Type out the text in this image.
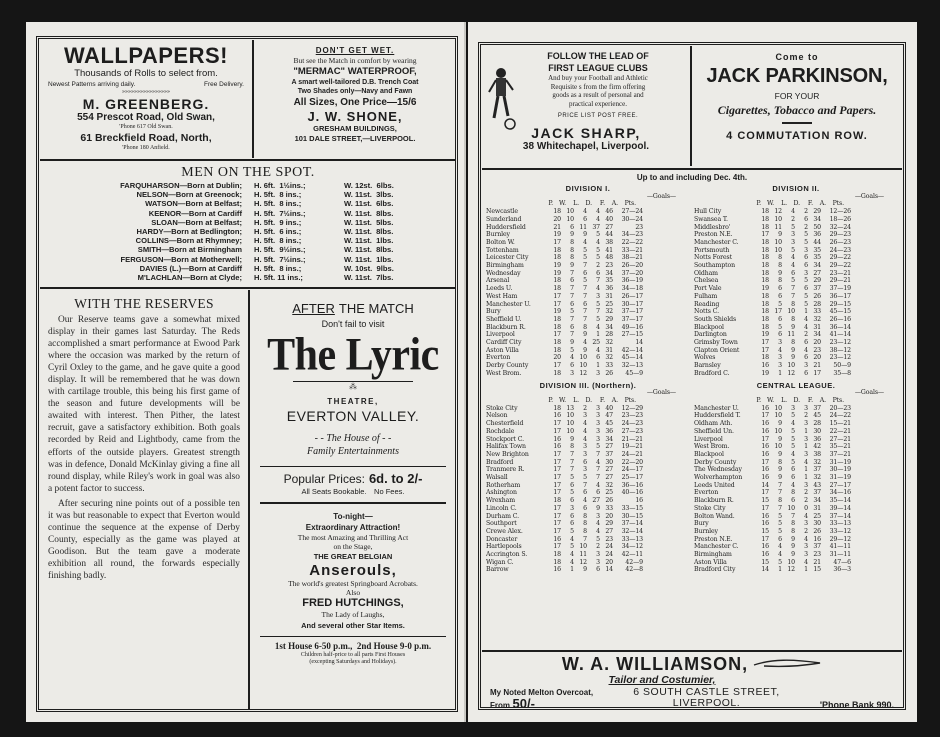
WALLPAPERS!
Thousands of Rolls to select from.
Newest Patterns arriving daily.	Free Delivery.
»»»»»»»»»»»»»»»»
M. GREENBERG.
554 Prescot Road, Old Swan,
'Phone 617 Old Swan.
61 Breckfield Road, North,
'Phone 180 Anfield.
DON'T GET WET.
But see the Match in comfort by wearing
"MERMAC" WATERPROOF,
A smart well-tailored D.B. Trench Coat
Two Shades only—Navy and Fawn
All Sizes, One Price—15/6
J. W. SHONE,
GRESHAM BUILDINGS,
101 DALE STREET,—LIVERPOOL.
MEN ON THE SPOT.
FARQUHARSON—Born at Dublin;	H. 6ft.  1½ins.;	W. 12st.  6lbs.
NELSON—Born at Greenock;	H. 5ft.  8 ins.;	W. 11st.  3lbs.
WATSON—Born at Belfast;	H. 5ft.  8 ins.;	W. 11st.  6lbs.
KEENOR—Born at Cardiff	H. 5ft.  7½ins.;	W. 11st.  8lbs.
SLOAN—Born at Belfast;	H. 5ft.  9 ins.;	W. 11st.  5lbs.
HARDY—Born at Bedlington;	H. 5ft.  6 ins.;	W. 11st.  8lbs.
COLLINS—Born at Rhymney;	H. 5ft.  8 ins.;	W. 11st.  1lbs.
SMITH—Born at Birmingham	H. 5ft.  9½ins.;	W. 11st.  8lbs.
FERGUSON—Born at Motherwell;	H. 5ft.  7½ins.;	W. 11st.  1lbs.
DAVIES (L.)—Born at Cardiff	H. 5ft.  8 ins.;	W. 10st.  9lbs.
M'LACHLAN—Born at Clyde;	H. 5ft. 11 ins.;	W. 11st.  7lbs.
WITH THE RESERVES
Our Reserve teams gave a somewhat mixed display in their games last Saturday. The Reds accomplished a smart performance at Ewood Park where the occasion was marked by the return of Cyril Oxley to the game, and he gave quite a good display. It will be remembered that he was down with cartilage trouble, this being his first game of the season and future developments will be awaited with interest. Then Pither, the latest recruit, gave a satisfactory exhibition. Both goals recorded by Reid and Lightbody, came from the efforts of the outside players. Greatest strength was in defence, Donald McKinlay giving a fine all round display, while Riley's work in goal was also a potent factor to success.
After securing nine points out of a possible ten it was but reasonable to expect that Everton would continue the sequence at the expense of Derby County, especially as the game was played at Goodison. But the team gave a moderate exhibition all round, the forwards especially finishing badly.
AFTER THE MATCH
Don't fail to visit
The Lyric
⁂
THEATRE,
EVERTON VALLEY.
- - The House of - -
Family Entertainments
Popular Prices: 6d. to 2/-
All Seats Bookable. No Fees.
To-night—
Extraordinary Attraction!
The most Amazing and Thrilling Act
on the Stage,
THE GREAT BELGIAN
Anserouls,
The world's greatest Springboard Acrobats.
Also
FRED HUTCHINGS,
The Lady of Laughs,
And several other Star Items.
1st House 6-50 p.m., 2nd House 9-0 p.m.
Children half-price to all parts First Houses
(excepting Saturdays and Holidays).
FOLLOW THE LEAD OF
FIRST LEAGUE CLUBS
And buy your Football and Athletic
Requisite s from the firm offering
goods as a result of personal and
practical experience.
PRICE LIST POST FREE.
JACK SHARP,
38 Whitechapel, Liverpool.
Come to
JACK PARKINSON,
FOR YOUR
Cigarettes, Tobacco and Papers.
4 COMMUTATION ROW.
Up to and including Dec. 4th.
DIVISION I.
—Goals—
P. W.	L.	D.	F.	A.	Pts.
Newcastle	18 10	4	4 46	27—24
Sunderland	20 10	6	4 40	30—24
Huddersfield	21	6 11 37 27	23
Burnley	19	9	9	5 44	34—23
Bolton W.	17	8	4	4 38	22—22
Tottenham	18	8	5	5 41	33—21
Leicester City	18	8	5	5 48	38—21
Birmingham	19	9	7	2 23	26—20
Wednesday	19	7	6	6 34	37—20
Arsenal	18	6	5	7 35	36—19
Leeds U.	18	7	7	4 36	34—18
West Ham	17	7	7	3 31	26—17
Manchester U.	17	6	6	5 25	30—17
Bury	19	5	7	7 32	37—17
Sheffield U.	18	7	7	5 29	37—17
Blackburn R.	18	6	8	4 34	49—16
Liverpool	17	7	9	1 28	27—15
Cardiff City	18	9	4 25 32	14
Aston Villa	18	5	9	4 31	42—14
Everton	20	4 10	6 32	45—14
Derby County	17	6 10	1 33	32—13
West Brom.	18	3 12	3 26	45—9
DIVISION II.
—Goals—
P. W.	L.	D.	F.	A.	Pts.
Hull City	18 12	4	2 29	12—26
Swansea T.	18 10	2	6 34	18—26
Middlesbro'	18 11	5	2 50	32—24
Preston N.E.	17	9	3	5 36	29—23
Manchester C.	18 10	3	5 44	26—23
Portsmouth	18 10	5	3 35	24—23
Notts Forest	18	8	4	6 35	29—22
Southampton	18	8	4	6 34	29—22
Oldham	18	9	6	3 27	23—21
Chelsea	18	8	5	5 29	29—21
Port Vale	19	6	7	6 37	37—19
Fulham	18	6	7	5 26	36—17
Reading	18	5	8	5 28	29—15
Notts C.	18 17 10	1 33	45—15
South Shields	18	6	8	4 32	26—16
Blackpool	18	5	9	4 31	36—14
Darlington	19	6 11	2 34	41—14
Grimsby Town	17	3	8	6 20	23—12
Clapton Orient	17	4	9	4 23	38—12
Wolves	18	3	9	6 20	23—12
Barnsley	16	3 10	3 21	50—9
Bradford C.	19	1 12	6 17	35—8
DIVISION III. (Northern).
—Goals—
P. W.	L.	D.	F.	A.	Pts.
Stoke City	18 13	2	3 40	12—29
Nelson	16 10	3	3 47	23—23
Chesterfield	17 10	4	3 45	24—23
Rochdale	17 10	4	3 36	27—23
Stockport C.	16	9	4	3 34	21—21
Halifax Town	16	8	3	5 27	19—21
New Brighton	17	7	3	7 37	24—21
Bradford	17	7	6	4 30	22—20
Tranmere R.	17	7	3	7 27	24—17
Walsall	17	5	5	7 27	25—17
Rotherham	17	6	7	4 32	36—16
Ashington	17	5	6	6 25	40—16
Wrexham	18	6	4 27 26	16
Lincoln C.	17	3	6	9 33	33—15
Durham C.	17	6	8	3 20	30—15
Southport	17	6	8	4 29	37—14
Crewe Alex.	17	5	8	4 27	32—14
Doncaster	16	4	7	5 23	33—13
Hartlepools	17	5 10	2 24	34—12
Accrington S.	18	4 11	3 24	42—11
Wigan C.	18	4 12	3 20	42—9
Barrow	16	1	9	6 14	42—8
CENTRAL LEAGUE.
—Goals—
P. W.	L.	D.	F.	A.	Pts.
Manchester U.	16 10	3	3 37	20—23
Huddersfield T.	17 10	5	2 45	24—22
Oldham Ath.	16	9	4	3 28	15—21
Sheffield Un.	16 10	5	1 30	22—21
Liverpool	17	9	5	3 36	27—21
West Brom.	16 10	5	1 42	35—21
Blackpool	16	9	4	3 38	37—21
Derby County	17	8	5	4 32	31—19
The Wednesday	16	9	6	1 37	30—19
Wolverhampton	16	9	6	1 32	31—19
Leeds United	14	7	4	3 43	27—17
Everton	17	7	8	2 37	34—16
Blackburn R.	15	8	6	2 34	35—14
Stoke City	17	7 10	0 31	39—14
Bolton Wand.	16	5	7	4 25	37—14
Bury	16	5	8	3 30	33—13
Burnley	15	5	8	2 26	33—12
Preston N.E.	17	6	9	4 16	29—12
Manchester C.	16	4	9	3 37	41—11
Birmingham	16	4	9	3 23	31—11
Aston Villa	15	5 10	4 21	47—6
Bradford City	14	1 12	1 15	36—3
W. A. WILLIAMSON,
Tailor and Costumier,
My Noted Melton Overcoat,
From 50/-
6 SOUTH CASTLE STREET,
LIVERPOOL.	'Phone Bank 990.
